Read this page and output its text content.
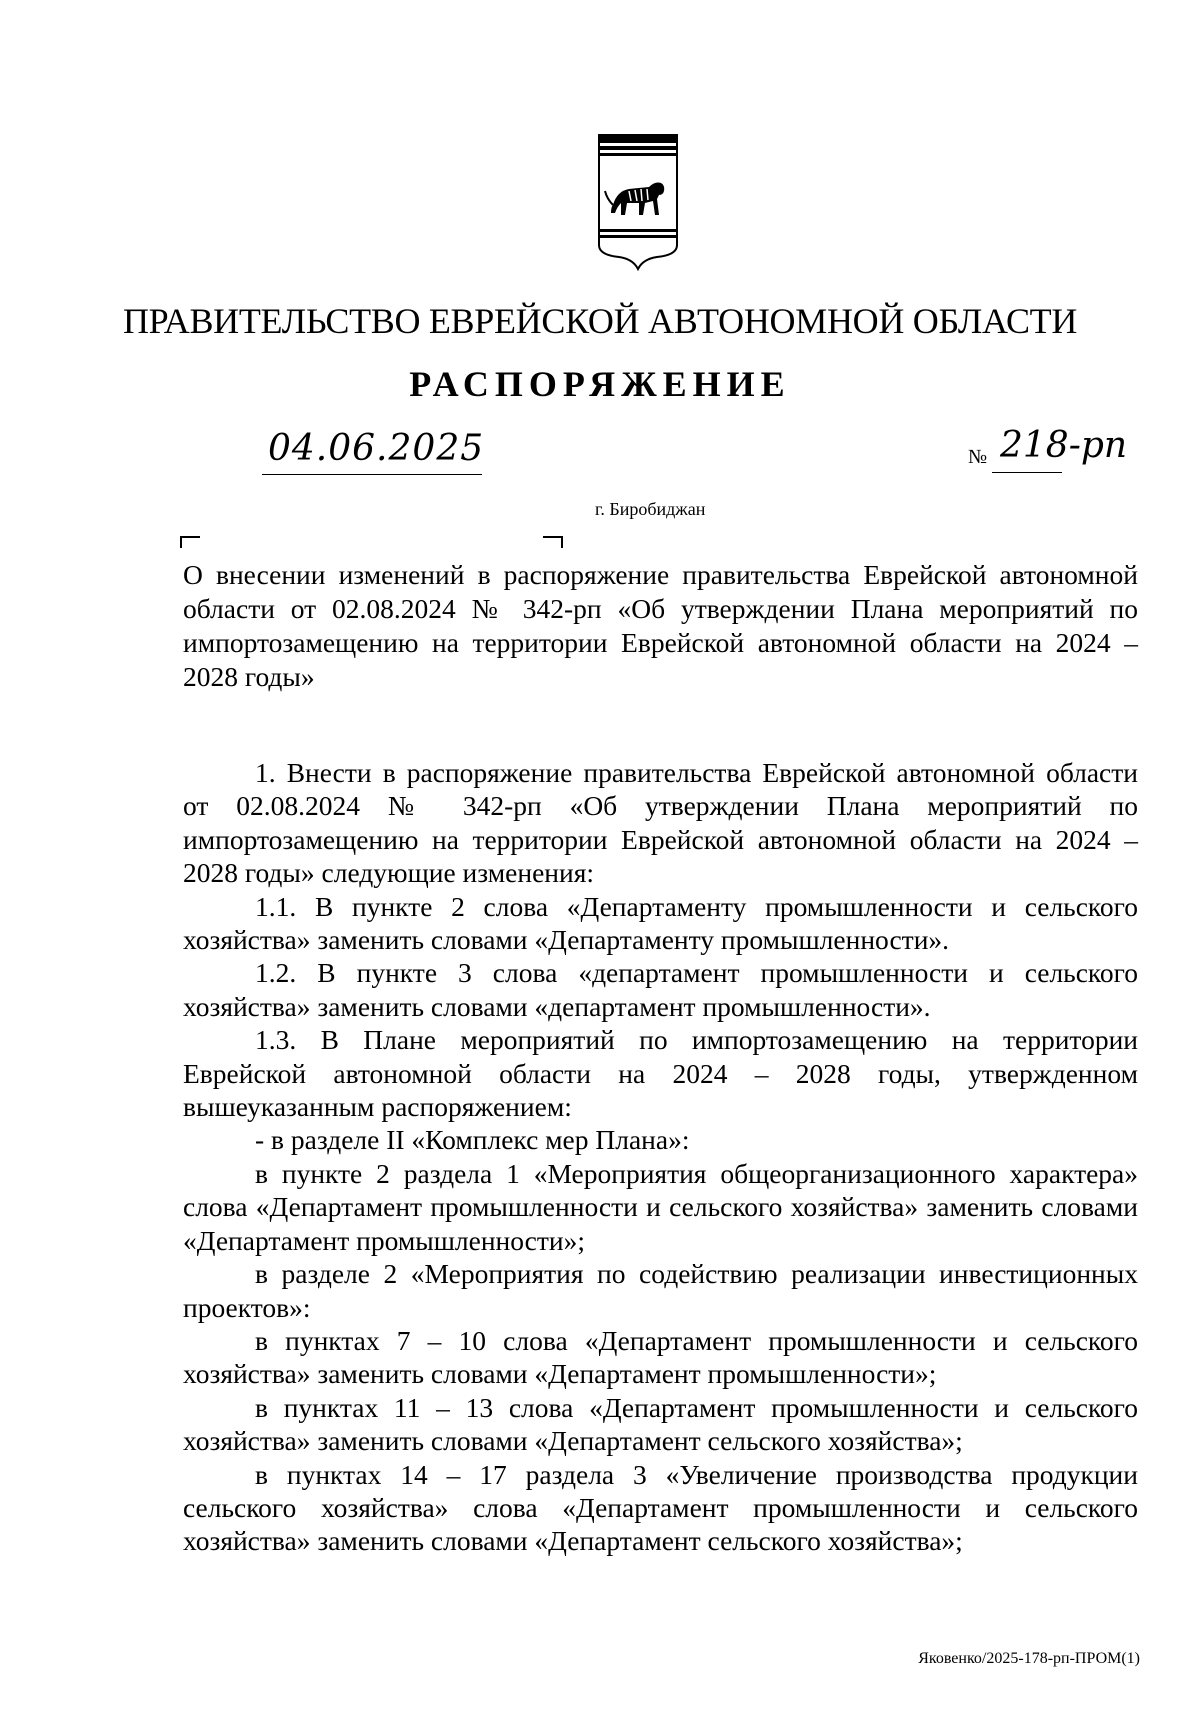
ПРАВИТЕЛЬСТВО ЕВРЕЙСКОЙ АВТОНОМНОЙ ОБЛАСТИ
РАСПОРЯЖЕНИЕ
04.06.2025	№ 218-рп
г. Биробиджан
О внесении изменений в распоряжение правительства Еврейской автономной области от 02.08.2024 № 342-рп «Об утверждении Плана мероприятий по импортозамещению на территории Еврейской автономной области на 2024 – 2028 годы»

1. Внести в распоряжение правительства Еврейской автономной области от 02.08.2024 № 342-рп «Об утверждении Плана мероприятий по импортозамещению на территории Еврейской автономной области на 2024 – 2028 годы» следующие изменения:

1.1. В пункте 2 слова «Департаменту промышленности и сельского хозяйства» заменить словами «Департаменту промышленности».

1.2. В пункте 3 слова «департамент промышленности и сельского хозяйства» заменить словами «департамент промышленности».

1.3. В Плане мероприятий по импортозамещению на территории Еврейской автономной области на 2024 – 2028 годы, утвержденном вышеуказанным распоряжением:

- в разделе II «Комплекс мер Плана»:

в пункте 2 раздела 1 «Мероприятия общеорганизационного характера» слова «Департамент промышленности и сельского хозяйства» заменить словами «Департамент промышленности»;

в разделе 2 «Мероприятия по содействию реализации инвестиционных проектов»:

в пунктах 7 – 10 слова «Департамент промышленности и сельского хозяйства» заменить словами «Департамент промышленности»;

в пунктах 11 – 13 слова «Департамент промышленности и сельского хозяйства» заменить словами «Департамент сельского хозяйства»;

в пунктах 14 – 17 раздела 3 «Увеличение производства продукции сельского хозяйства» слова «Департамент промышленности и сельского хозяйства» заменить словами «Департамент сельского хозяйства»;

Яковенко/2025-178-рп-ПРОМ(1)
